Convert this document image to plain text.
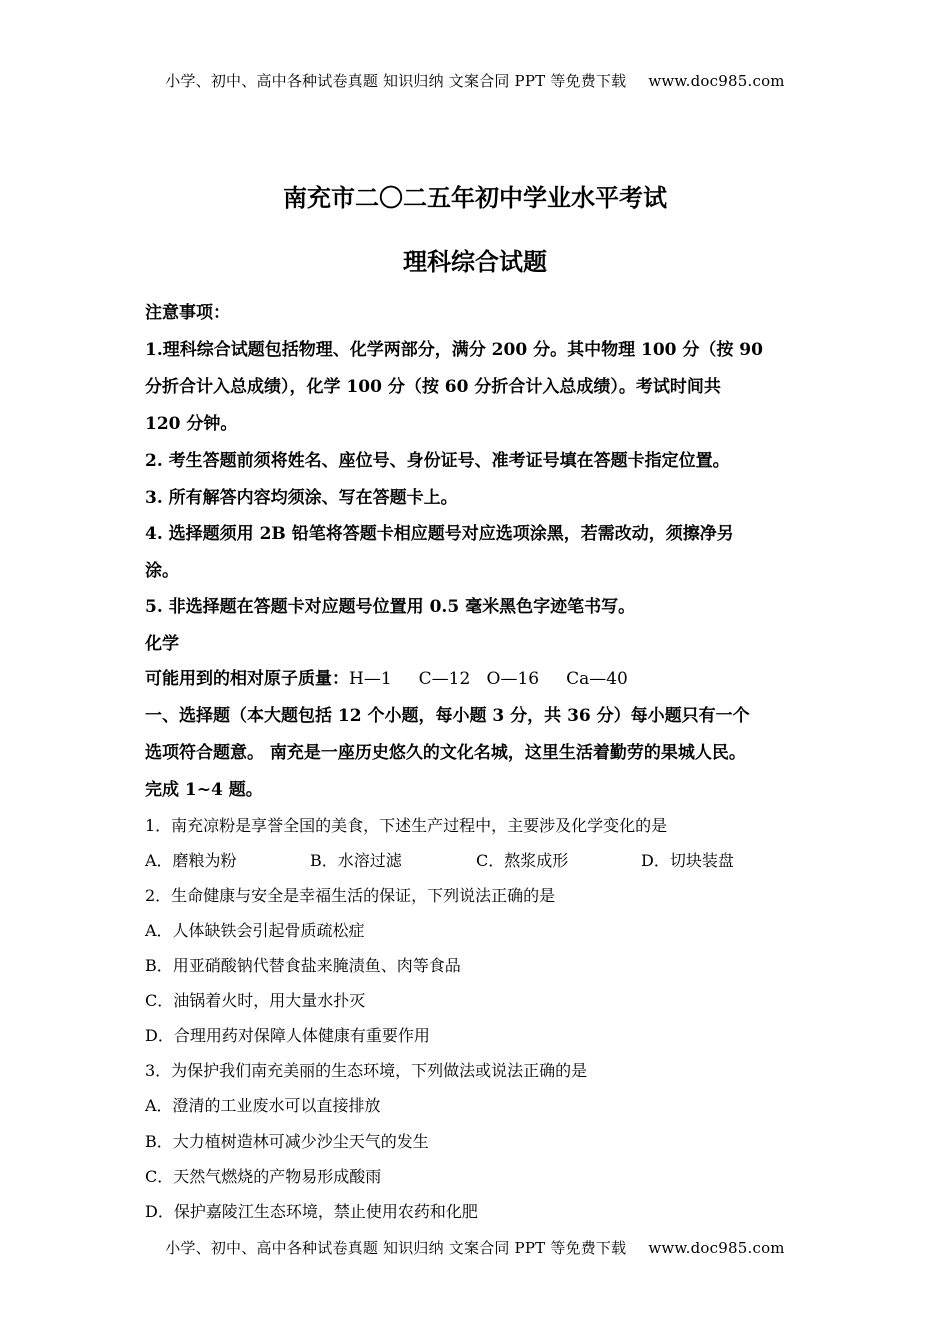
小学、初中、高中各种试卷真题 知识归纳 文案合同 PPT 等免费下载 www.doc985.com
南充市二〇二五年初中学业水平考试
理科综合试题
注意事项：
1.理科综合试题包括物理、化学两部分，满分 200 分。其中物理 100 分（按 90
分折合计入总成绩），化学 100 分（按 60 分折合计入总成绩）。考试时间共
120 分钟。
2. 考生答题前须将姓名、座位号、身份证号、准考证号填在答题卡指定位置。
3. 所有解答内容均须涂、写在答题卡上。
4. 选择题须用 2B 铅笔将答题卡相应题号对应选项涂黑，若需改动，须擦净另
涂。
5. 非选择题在答题卡对应题号位置用 0.5 毫米黑色字迹笔书写。
化学
可能用到的相对原子质量：H—1     C—12   O—16     Ca—40
一、选择题（本大题包括 12 个小题，每小题 3 分，共 36 分）每小题只有一个
选项符合题意。 南充是一座历史悠久的文化名城，这里生活着勤劳的果城人民。
完成 1~4 题。
1．南充凉粉是享誉全国的美食，下述生产过程中，主要涉及化学变化的是
A．磨粮为粉	B．水溶过滤	C．熬浆成形	D．切块装盘
2．生命健康与安全是幸福生活的保证，下列说法正确的是
A．人体缺铁会引起骨质疏松症
B．用亚硝酸钠代替食盐来腌渍鱼、肉等食品
C．油锅着火时，用大量水扑灭
D．合理用药对保障人体健康有重要作用
3．为保护我们南充美丽的生态环境，下列做法或说法正确的是
A．澄清的工业废水可以直接排放
B．大力植树造林可减少沙尘天气的发生
C．天然气燃烧的产物易形成酸雨
D．保护嘉陵江生态环境，禁止使用农药和化肥
小学、初中、高中各种试卷真题 知识归纳 文案合同 PPT 等免费下载 www.doc985.com
